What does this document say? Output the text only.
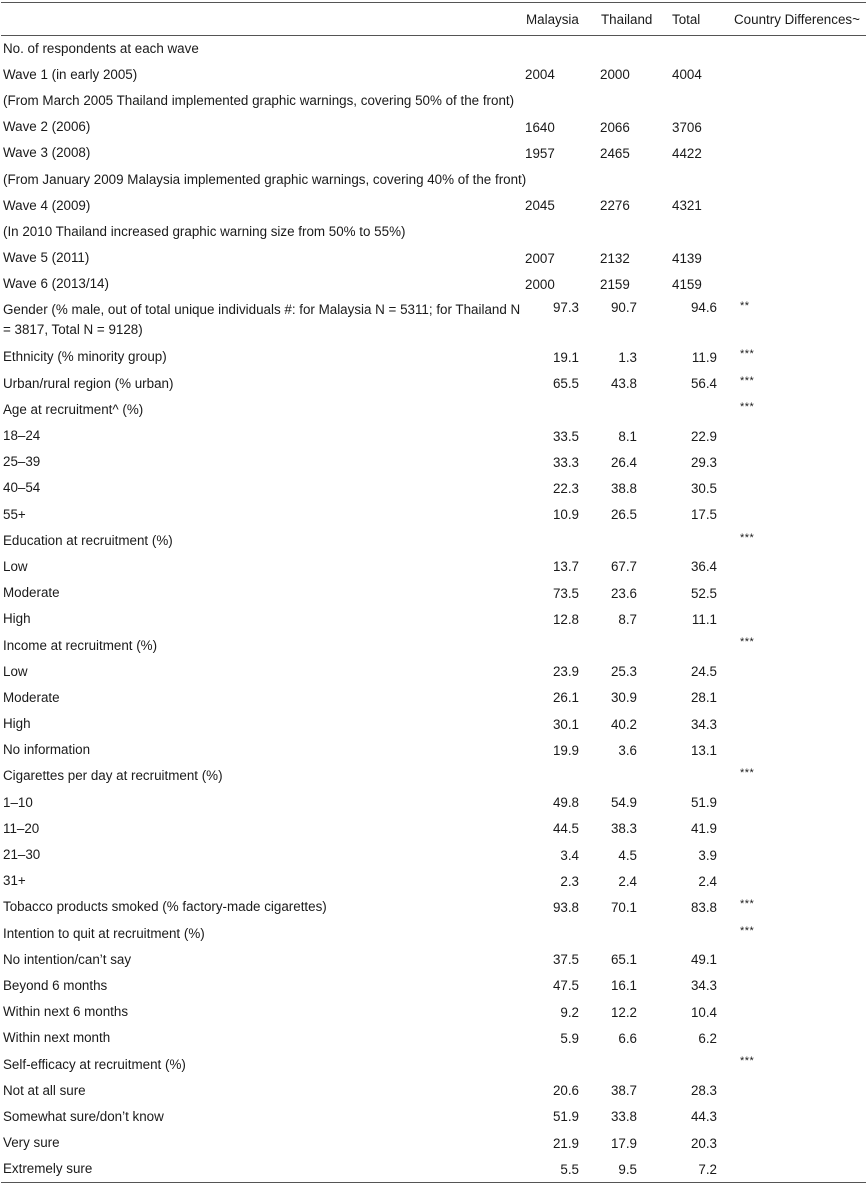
	Malaysia	Thailand	Total	Country Differences~
No. of respondents at each wave				
Wave 1 (in early 2005)	2004	2000	4004	
(From March 2005 Thailand implemented graphic warnings, covering 50% of the front)				
Wave 2 (2006)	1640	2066	3706	
Wave 3 (2008)	1957	2465	4422	
(From January 2009 Malaysia implemented graphic warnings, covering 40% of the front)				
Wave 4 (2009)	2045	2276	4321	
(In 2010 Thailand increased graphic warning size from 50% to 55%)				
Wave 5 (2011)	2007	2132	4139	
Wave 6 (2013/14)	2000	2159	4159	
Gender (% male, out of total unique individuals #: for Malaysia N = 5311; for Thailand N = 3817, Total N = 9128)	97.3	90.7	94.6	**
Ethnicity (% minority group)	19.1	1.3	11.9	***
Urban/rural region (% urban)	65.5	43.8	56.4	***
Age at recruitment^ (%)				***
18–24	33.5	8.1	22.9	
25–39	33.3	26.4	29.3	
40–54	22.3	38.8	30.5	
55+	10.9	26.5	17.5	
Education at recruitment (%)				***
Low	13.7	67.7	36.4	
Moderate	73.5	23.6	52.5	
High	12.8	8.7	11.1	
Income at recruitment (%)				***
Low	23.9	25.3	24.5	
Moderate	26.1	30.9	28.1	
High	30.1	40.2	34.3	
No information	19.9	3.6	13.1	
Cigarettes per day at recruitment (%)				***
1–10	49.8	54.9	51.9	
11–20	44.5	38.3	41.9	
21–30	3.4	4.5	3.9	
31+	2.3	2.4	2.4	
Tobacco products smoked (% factory-made cigarettes)	93.8	70.1	83.8	***
Intention to quit at recruitment (%)				***
No intention/can’t say	37.5	65.1	49.1	
Beyond 6 months	47.5	16.1	34.3	
Within next 6 months	9.2	12.2	10.4	
Within next month	5.9	6.6	6.2	
Self-efficacy at recruitment (%)				***
Not at all sure	20.6	38.7	28.3	
Somewhat sure/don’t know	51.9	33.8	44.3	
Very sure	21.9	17.9	20.3	
Extremely sure	5.5	9.5	7.2	
